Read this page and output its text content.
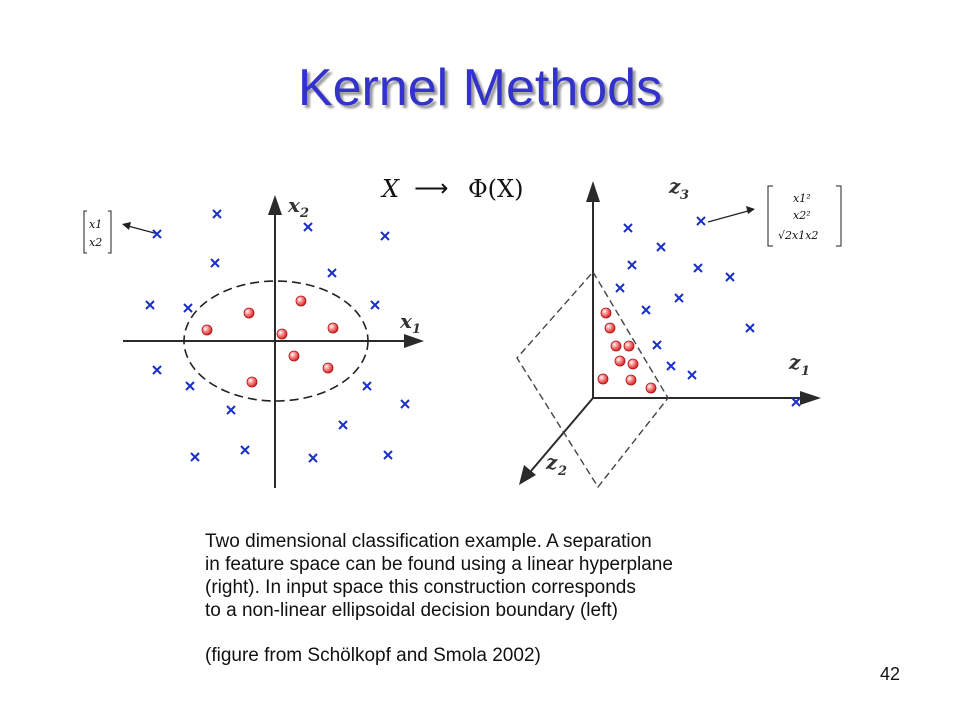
Kernel Methods
X ⟶ Φ(X)
x 1
x 2
x1
x2
z 3
z 1
z 2
x1²
x2²
√2x1x2

Two dimensional classification example. A separation

in feature space can be found using a linear hyperplane

(right). In input space this construction corresponds

to a non-linear ellipsoidal decision boundary (left)

(figure from Schölkopf and Smola 2002)

42
